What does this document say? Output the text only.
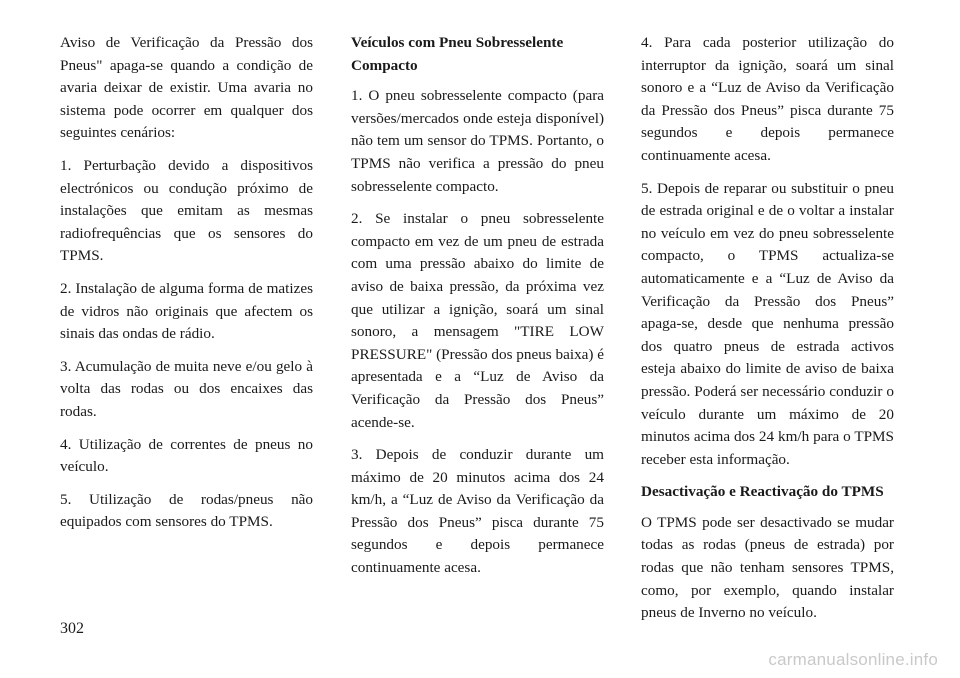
Aviso de Verificação da Pressão dos Pneus" apaga-se quando a condição de avaria deixar de existir. Uma avaria no sistema pode ocorrer em qualquer dos seguintes cenários:

1. Perturbação devido a dispositivos electrónicos ou condução próximo de instalações que emitam as mesmas radiofrequências que os sensores do TPMS.

2. Instalação de alguma forma de matizes de vidros não originais que afectem os sinais das ondas de rádio.

3. Acumulação de muita neve e/ou gelo à volta das rodas ou dos encaixes das rodas.

4. Utilização de correntes de pneus no veículo.

5. Utilização de rodas/pneus não equipados com sensores do TPMS.

Veículos com Pneu Sobresselente Compacto

1. O pneu sobresselente compacto (para versões/mercados onde esteja disponível) não tem um sensor do TPMS. Portanto, o TPMS não verifica a pressão do pneu sobresselente compacto.

2. Se instalar o pneu sobresselente compacto em vez de um pneu de estrada com uma pressão abaixo do limite de aviso de baixa pressão, da próxima vez que utilizar a ignição, soará um sinal sonoro, a mensagem "TIRE LOW PRESSURE" (Pressão dos pneus baixa) é apresentada e a “Luz de Aviso da Verificação da Pressão dos Pneus” acende-se.

3. Depois de conduzir durante um máximo de 20 minutos acima dos 24 km/h, a “Luz de Aviso da Verificação da Pressão dos Pneus” pisca durante 75 segundos e depois permanece continuamente acesa.

4. Para cada posterior utilização do interruptor da ignição, soará um sinal sonoro e a “Luz de Aviso da Verificação da Pressão dos Pneus” pisca durante 75 segundos e depois permanece continuamente acesa.

5. Depois de reparar ou substituir o pneu de estrada original e de o voltar a instalar no veículo em vez do pneu sobresselente compacto, o TPMS actualiza-se automaticamente e a “Luz de Aviso da Verificação da Pressão dos Pneus” apaga-se, desde que nenhuma pressão dos quatro pneus de estrada activos esteja abaixo do limite de aviso de baixa pressão. Poderá ser necessário conduzir o veículo durante um máximo de 20 minutos acima dos 24 km/h para o TPMS receber esta informação.

Desactivação e Reactivação do TPMS

O TPMS pode ser desactivado se mudar todas as rodas (pneus de estrada) por rodas que não tenham sensores TPMS, como, por exemplo, quando instalar pneus de Inverno no veículo.

302
carmanualsonline.info
